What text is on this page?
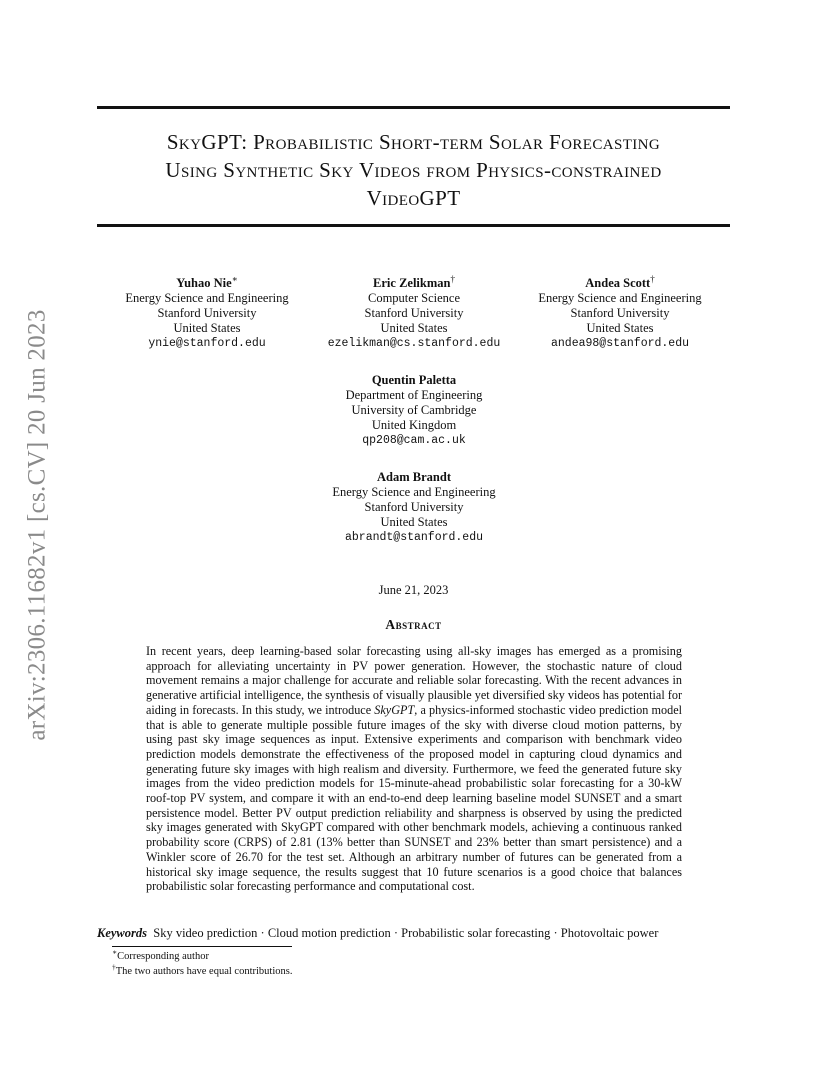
arXiv:2306.11682v1 [cs.CV] 20 Jun 2023
SkyGPT: Probabilistic Short-term Solar Forecasting
Using Synthetic Sky Videos from Physics-constrained
VideoGPT
Yuhao Nie∗
Energy Science and Engineering
Stanford University
United States
ynie@stanford.edu
Eric Zelikman†
Computer Science
Stanford University
United States
ezelikman@cs.stanford.edu
Andea Scott†
Energy Science and Engineering
Stanford University
United States
andea98@stanford.edu
Quentin Paletta
Department of Engineering
University of Cambridge
United Kingdom
qp208@cam.ac.uk
Adam Brandt
Energy Science and Engineering
Stanford University
United States
abrandt@stanford.edu
June 21, 2023
Abstract

In recent years, deep learning-based solar forecasting using all-sky images has emerged as a promising approach for alleviating uncertainty in PV power generation. However, the stochastic nature of cloud movement remains a major challenge for accurate and reliable solar forecasting. With the recent advances in generative artificial intelligence, the synthesis of visually plausible yet diversified sky videos has potential for aiding in forecasts. In this study, we introduce SkyGPT, a physics-informed stochastic video prediction model that is able to generate multiple possible future images of the sky with diverse cloud motion patterns, by using past sky image sequences as input. Extensive experiments and comparison with benchmark video prediction models demonstrate the effectiveness of the proposed model in capturing cloud dynamics and generating future sky images with high realism and diversity. Furthermore, we feed the generated future sky images from the video prediction models for 15-minute-ahead probabilistic solar forecasting for a 30-kW roof-top PV system, and compare it with an end-to-end deep learning baseline model SUNSET and a smart persistence model. Better PV output prediction reliability and sharpness is observed by using the predicted sky images generated with SkyGPT compared with other benchmark models, achieving a continuous ranked probability score (CRPS) of 2.81 (13% better than SUNSET and 23% better than smart persistence) and a Winkler score of 26.70 for the test set. Although an arbitrary number of futures can be generated from a historical sky image sequence, the results suggest that 10 future scenarios is a good choice that balances probabilistic solar forecasting performance and computational cost.

Keywords Sky video prediction · Cloud motion prediction · Probabilistic solar forecasting · Photovoltaic power
∗Corresponding author
†The two authors have equal contributions.
